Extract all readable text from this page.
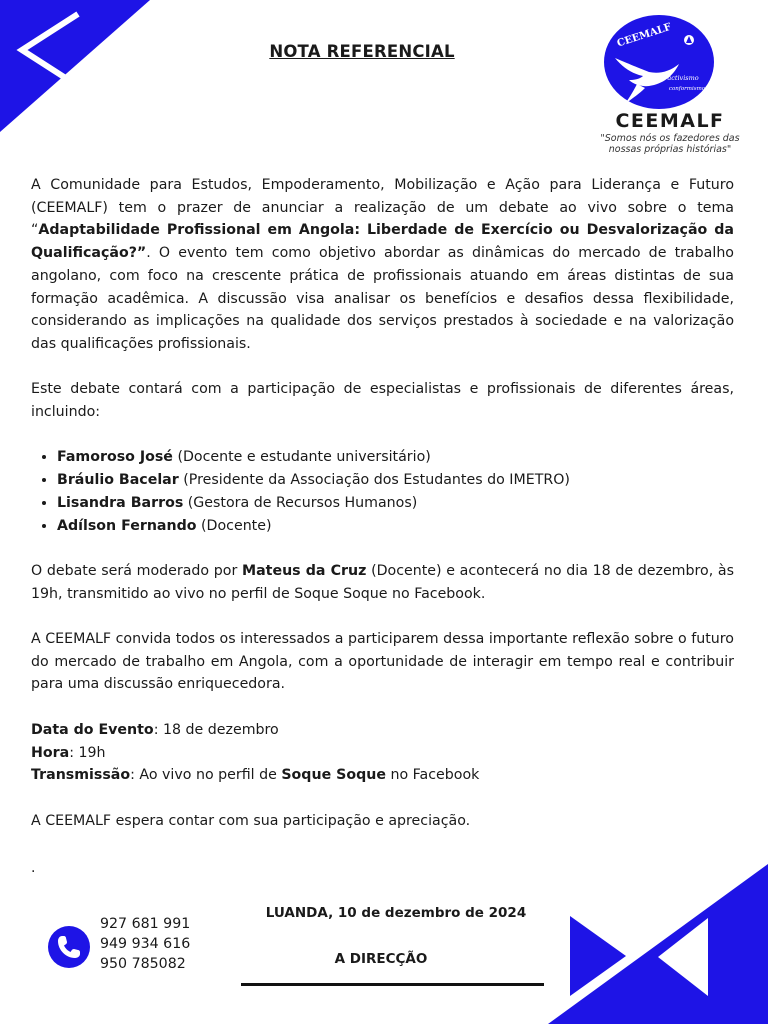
NOTA REFERENCIAL
CEEMALF
activismo
conformismo
CEEMALF
"Somos nós os fazedores das
nossas próprias histórias"

A Comunidade para Estudos, Empoderamento, Mobilização e Ação para Liderança e Futuro (CEEMALF) tem o prazer de anunciar a realização de um debate ao vivo sobre o tema “Adaptabilidade Profissional em Angola: Liberdade de Exercício ou Desvalorização da Qualificação?”. O evento tem como objetivo abordar as dinâmicas do mercado de trabalho angolano, com foco na crescente prática de profissionais atuando em áreas distintas de sua formação acadêmica. A discussão visa analisar os benefícios e desafios dessa flexibilidade, considerando as implicações na qualidade dos serviços prestados à sociedade e na valorização das qualificações profissionais.

Este debate contará com a participação de especialistas e profissionais de diferentes áreas, incluindo:

• Famoroso José (Docente e estudante universitário)
• Bráulio Bacelar (Presidente da Associação dos Estudantes do IMETRO)
• Lisandra Barros (Gestora de Recursos Humanos)
• Adílson Fernando (Docente)

O debate será moderado por Mateus da Cruz (Docente) e acontecerá no dia 18 de dezembro, às 19h, transmitido ao vivo no perfil de Soque Soque no Facebook.

A CEEMALF convida todos os interessados a participarem dessa importante reflexão sobre o futuro do mercado de trabalho em Angola, com a oportunidade de interagir em tempo real e contribuir para uma discussão enriquecedora.

Data do Evento: 18 de dezembro
Hora: 19h
Transmissão: Ao vivo no perfil de Soque Soque no Facebook

A CEEMALF espera contar com sua participação e apreciação.

.
927 681 991
949 934 616
950 785082
LUANDA, 10 de dezembro de 2024
A DIRECÇÃO
